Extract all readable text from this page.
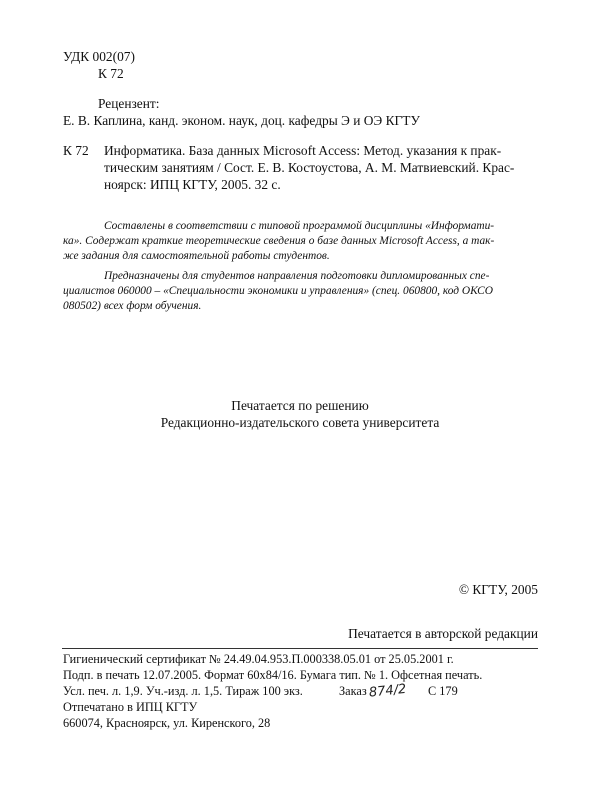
УДК 002(07)
К 72
Рецензент:
Е. В. Каплина, канд. эконом. наук, доц. кафедры Э и ОЭ КГТУ
К 72 Информатика. База данных Microsoft Access: Метод. указания к прак-
тическим занятиям / Сост. Е. В. Костоустова, А. М. Матвиевский. Крас-
ноярск: ИПЦ КГТУ, 2005. 32 с.
Составлены в соответствии с типовой программой дисциплины «Информати-
ка». Содержат краткие теоретические сведения о базе данных Microsoft Access, а так-
же задания для самостоятельной работы студентов.
Предназначены для студентов направления подготовки дипломированных спе-
циалистов 060000 – «Специальности экономики и управления» (спец. 060800, код ОКСО
080502) всех форм обучения.
Печатается по решению
Редакционно-издательского совета университета
© КГТУ, 2005
Печатается в авторской редакции
Гигиенический сертификат № 24.49.04.953.П.000338.05.01 от 25.05.2001 г.
Подп. в печать 12.07.2005. Формат 60x84/16. Бумага тип. № 1. Офсетная печать.
Усл. печ. л. 1,9. Уч.-изд. л. 1,5. Тираж 100 экз.	Заказ 874/2 С 179
Отпечатано в ИПЦ КГТУ
660074, Красноярск, ул. Киренского, 28
